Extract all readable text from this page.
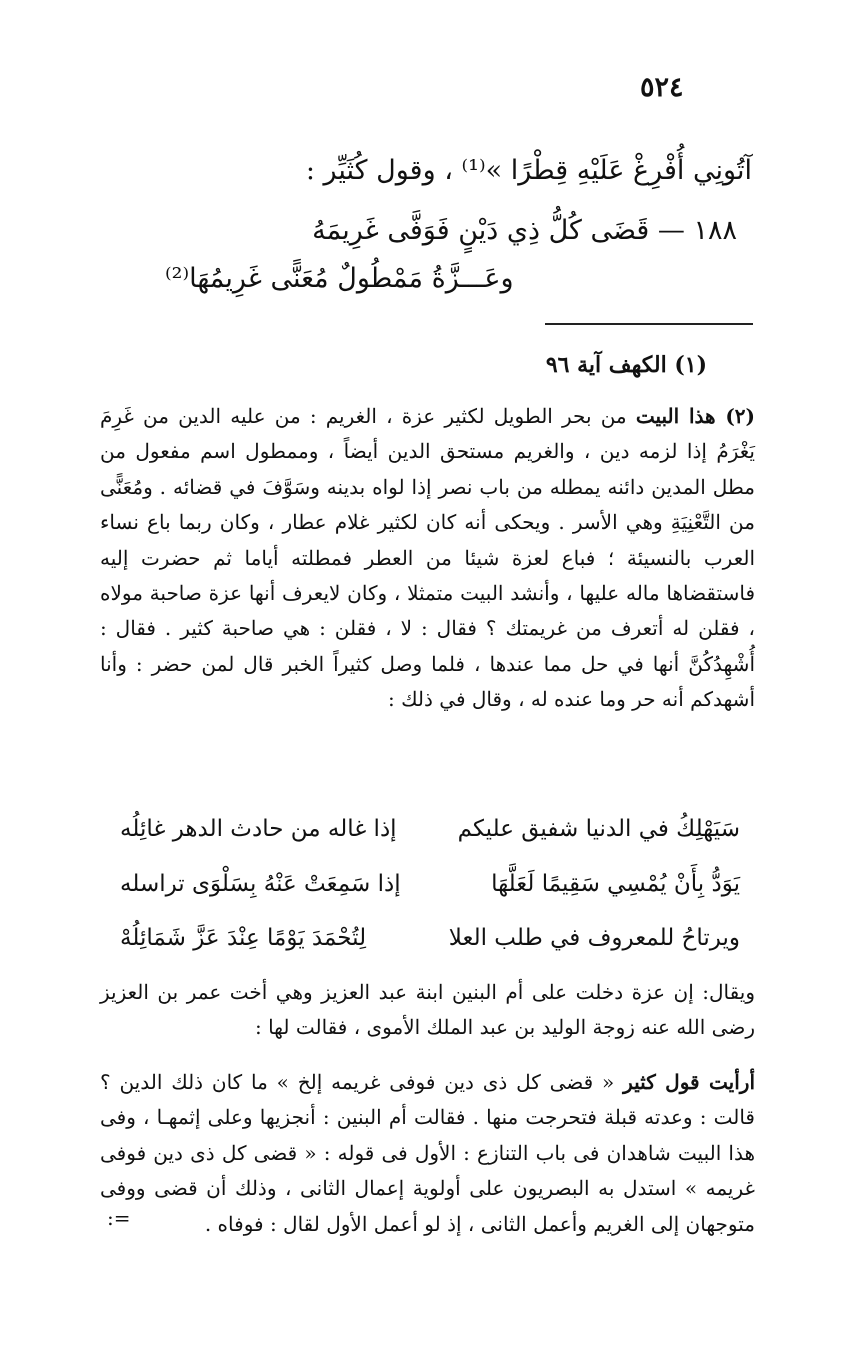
٥٢٤
آتُونِي أُفْرِغْ عَلَيْهِ قِطْرًا »⁽¹⁾ ، وقول كُثَيِّر :
١٨٨ — قَضَى كُلُّ ذِي دَيْنٍ فَوَفَّى غَرِيمَهُ
وعَـــزَّةُ مَمْطُولٌ مُعَنًّى غَرِيمُهَا⁽²⁾
(١) الكهف آية ٩٦
(٢) هذا البيت من بحر الطويل لكثير عزة ، الغريم : من عليه الدين من غَرِمَ يَغْرَمُ إذا لزمه دين ، والغريم مستحق الدين أيضاً ، وممطول اسم مفعول من مطل المدين دائنه يمطله من باب نصر إذا لواه بدينه وسَوَّفَ في قضائه . ومُعَنًّى من التَّعْنِيَةِ وهي الأسر . ويحكى أنه كان لكثير غلام عطار ، وكان ربما باع نساء العرب بالنسيئة ؛ فباع لعزة شيئا من العطر فمطلته أياما ثم حضرت إليه فاستقضاها ماله عليها ، وأنشد البيت متمثلا ، وكان لايعرف أنها عزة صاحبة مولاه ، فقلن له أتعرف من غريمتك ؟ فقال : لا ، فقلن : هي صاحبة كثير . فقال : أُشْهِدُكُنَّ أنها في حل مما عندها ، فلما وصل كثيراً الخبر قال لمن حضر : وأنا أشهدكم أنه حر وما عنده له ، وقال في ذلك :
سَيَهْلِكُ في الدنيا شفيق عليكم
إذا غاله من حادث الدهر غائِلُه
يَوَدُّ بِأَنْ يُمْسِي سَقِيمًا لَعَلَّهَا
إذا سَمِعَتْ عَنْهُ بِسَلْوَى تراسله
ويرتاحُ للمعروف في طلب العلا
لِتُحْمَدَ يَوْمًا عِنْدَ عَزَّ شَمَائِلُهْ
ويقال: إن عزة دخلت على أم البنين ابنة عبد العزيز وهي أخت عمر بن العزيز رضى الله عنه زوجة الوليد بن عبد الملك الأموى ، فقالت لها :
أرأيت قول كثير « قضى كل ذى دين فوفى غريمه إلخ » ما كان ذلك الدين ؟ قالت : وعدته قبلة فتحرجت منها . فقالت أم البنين : أنجزيها وعلى إثمهـا ، وفى هذا البيت شاهدان فى باب التنازع : الأول فى قوله : « قضى كل ذى دين فوفى غريمه » استدل به البصريون على أولوية إعمال الثانى ، وذلك أن قضى ووفى متوجهان إلى الغريم وأعمل الثانى ، إذ لو أعمل الأول لقال : فوفاه .
=:
